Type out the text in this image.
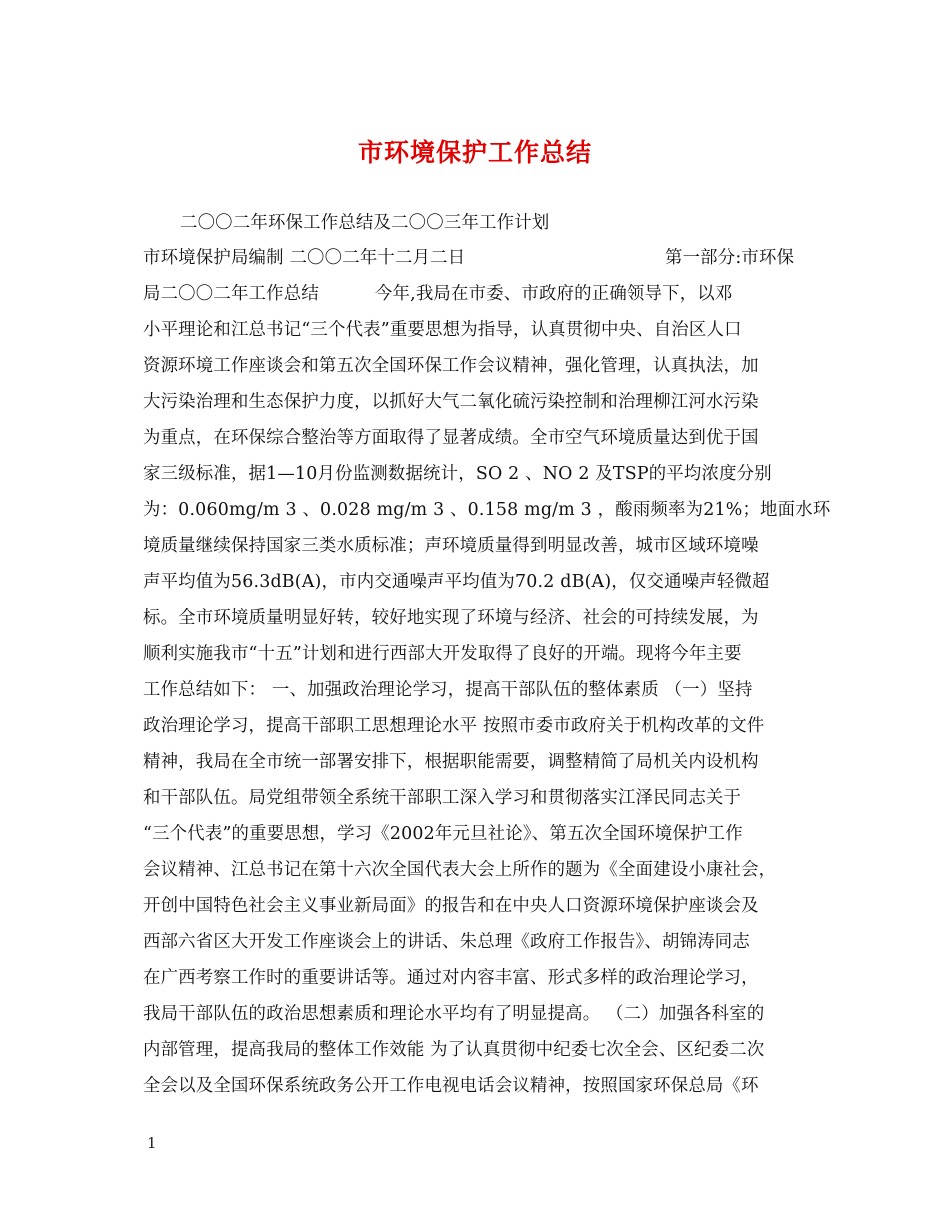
市环境保护工作总结
二〇〇二年环保工作总结及二〇〇三年工作计划
市环境保护局编制 二〇〇二年十二月二日	第一部分:市环保
局二〇〇二年工作总结	今年,我局在市委、市政府的正确领导下，以邓
小平理论和江总书记“三个代表”重要思想为指导，认真贯彻中央、自治区人口
资源环境工作座谈会和第五次全国环保工作会议精神，强化管理，认真执法，加
大污染治理和生态保护力度，以抓好大气二氧化硫污染控制和治理柳江河水污染
为重点，在环保综合整治等方面取得了显著成绩。全市空气环境质量达到优于国
家三级标准，据1—10月份监测数据统计，SO 2 、NO 2 及TSP的平均浓度分别
为：0.060mg/m 3 、0.028 mg/m 3 、0.158 mg/m 3 ，酸雨频率为21%；地面水环
境质量继续保持国家三类水质标准；声环境质量得到明显改善，城市区域环境噪
声平均值为56.3dB(A)，市内交通噪声平均值为70.2 dB(A)，仅交通噪声轻微超
标。全市环境质量明显好转，较好地实现了环境与经济、社会的可持续发展，为
顺利实施我市“十五”计划和进行西部大开发取得了良好的开端。现将今年主要
工作总结如下： 一、加强政治理论学习，提高干部队伍的整体素质 （一）坚持
政治理论学习，提高干部职工思想理论水平 按照市委市政府关于机构改革的文件
精神，我局在全市统一部署安排下，根据职能需要，调整精简了局机关内设机构
和干部队伍。局党组带领全系统干部职工深入学习和贯彻落实江泽民同志关于
“三个代表”的重要思想，学习《2002年元旦社论》、第五次全国环境保护工作
会议精神、江总书记在第十六次全国代表大会上所作的题为《全面建设小康社会，
开创中国特色社会主义事业新局面》的报告和在中央人口资源环境保护座谈会及
西部六省区大开发工作座谈会上的讲话、朱总理《政府工作报告》、胡锦涛同志
在广西考察工作时的重要讲话等。通过对内容丰富、形式多样的政治理论学习，
我局干部队伍的政治思想素质和理论水平均有了明显提高。 （二）加强各科室的
内部管理，提高我局的整体工作效能 为了认真贯彻中纪委七次全会、区纪委二次
全会以及全国环保系统政务公开工作电视电话会议精神，按照国家环保总局《环
1
